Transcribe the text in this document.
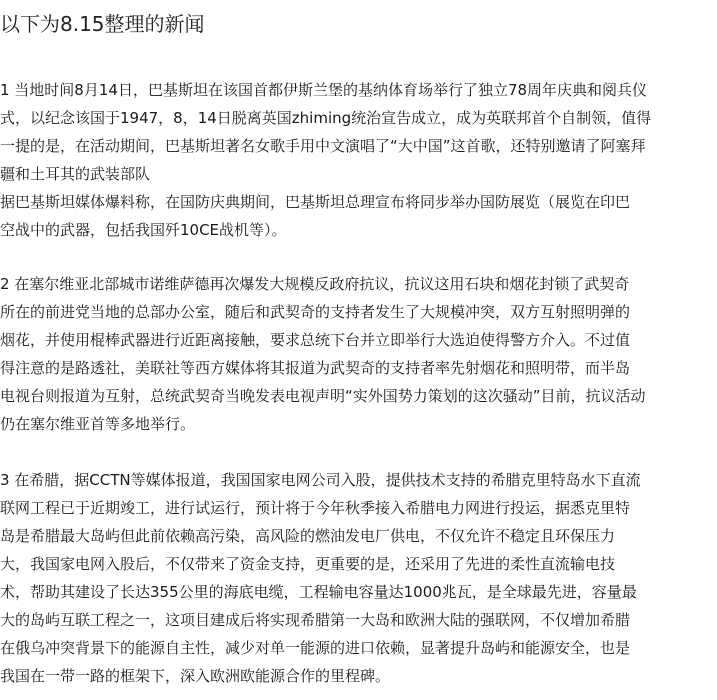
以下为8.15整理的新闻
1 当地时间8月14日，巴基斯坦在该国首都伊斯兰堡的基纳体育场举行了独立78周年庆典和阅兵仪
式，以纪念该国于1947，8，14日脱离英国zhiming统治宣告成立，成为英联邦首个自制领，值得
一提的是，在活动期间，巴基斯坦著名女歌手用中文演唱了“大中国”这首歌，还特别邀请了阿塞拜
疆和土耳其的武装部队
据巴基斯坦媒体爆料称，在国防庆典期间，巴基斯坦总理宣布将同步举办国防展览（展览在印巴
空战中的武器，包括我国歼10CE战机等）。
2 在塞尔维亚北部城市诺维萨德再次爆发大规模反政府抗议，抗议这用石块和烟花封锁了武契奇
所在的前进党当地的总部办公室，随后和武契奇的支持者发生了大规模冲突，双方互射照明弹的
烟花，并使用棍棒武器进行近距离接触，要求总统下台并立即举行大选迫使得警方介入。不过值
得注意的是路透社，美联社等西方媒体将其报道为武契奇的支持者率先射烟花和照明带，而半岛
电视台则报道为互射，总统武契奇当晚发表电视声明“实外国势力策划的这次骚动”目前，抗议活动
仍在塞尔维亚首等多地举行。
3 在希腊，据CCTN等媒体报道，我国国家电网公司入股，提供技术支持的希腊克里特岛水下直流
联网工程已于近期竣工，进行试运行，预计将于今年秋季接入希腊电力网进行投运，据悉克里特
岛是希腊最大岛屿但此前依赖高污染，高风险的燃油发电厂供电，不仅允许不稳定且环保压力
大，我国家电网入股后，不仅带来了资金支持，更重要的是，还采用了先进的柔性直流输电技
术，帮助其建设了长达355公里的海底电缆，工程输电容量达1000兆瓦，是全球最先进，容量最
大的岛屿互联工程之一，这项目建成后将实现希腊第一大岛和欧洲大陆的强联网，不仅增加希腊
在俄乌冲突背景下的能源自主性，减少对单一能源的进口依赖，显著提升岛屿和能源安全，也是
我国在一带一路的框架下，深入欧洲欧能源合作的里程碑。
